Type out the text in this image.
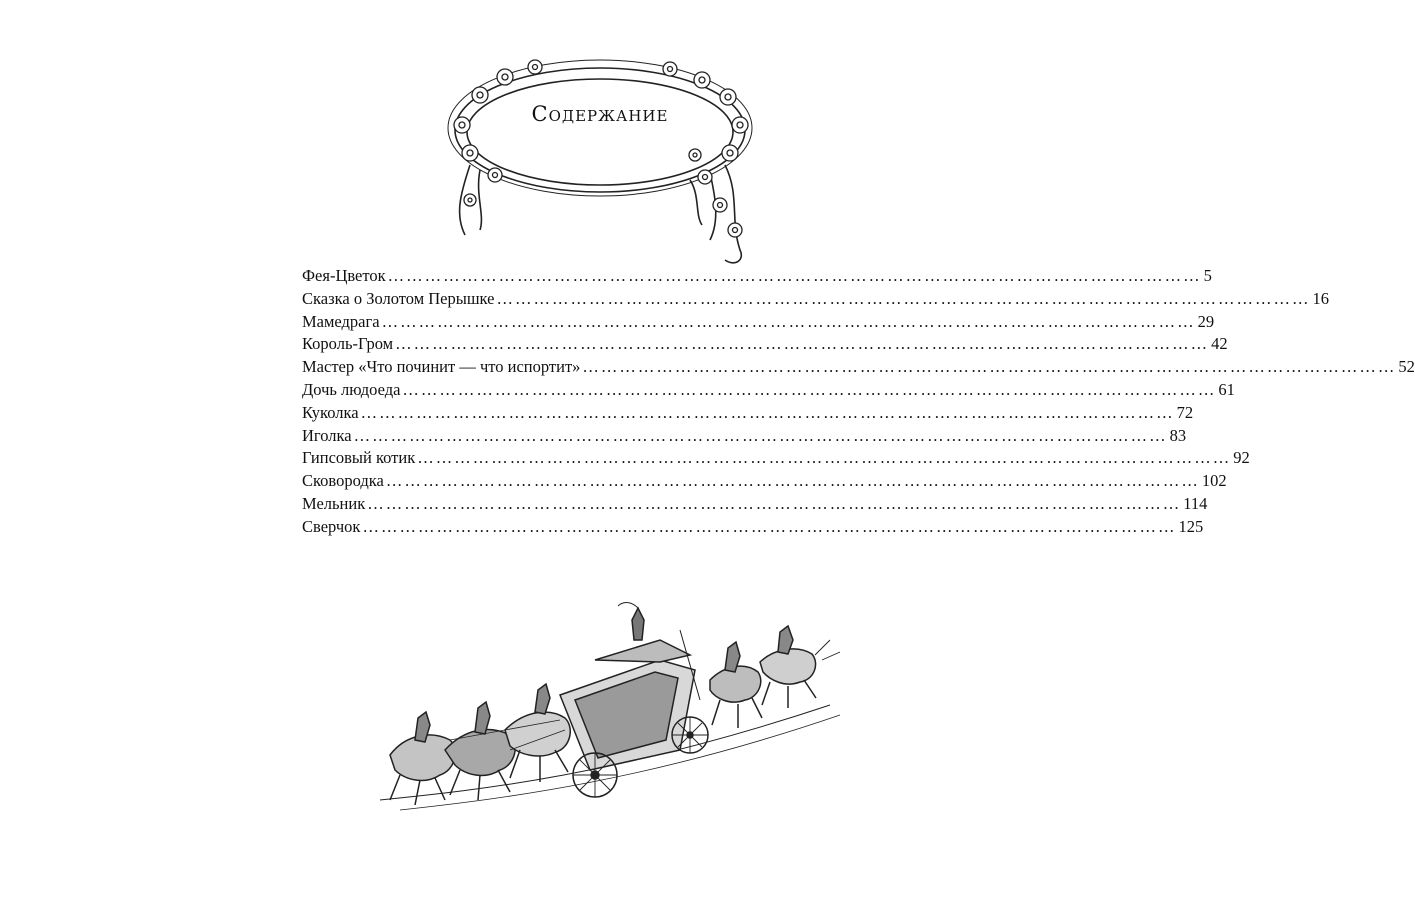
Содержание
Фея-Цветок …………………………………………………………………………………………………………………… 5
Сказка о Золотом Перышке …………………………………………………………………………………………………………………… 16
Мамедрага …………………………………………………………………………………………………………………… 29
Король-Гром …………………………………………………………………………………………………………………… 42
Мастер «Что починит — что испортит» …………………………………………………………………………………………………………………… 52
Дочь людоеда …………………………………………………………………………………………………………………… 61
Куколка …………………………………………………………………………………………………………………… 72
Иголка …………………………………………………………………………………………………………………… 83
Гипсовый котик …………………………………………………………………………………………………………………… 92
Сковородка …………………………………………………………………………………………………………………… 102
Мельник …………………………………………………………………………………………………………………… 114
Сверчок …………………………………………………………………………………………………………………… 125
